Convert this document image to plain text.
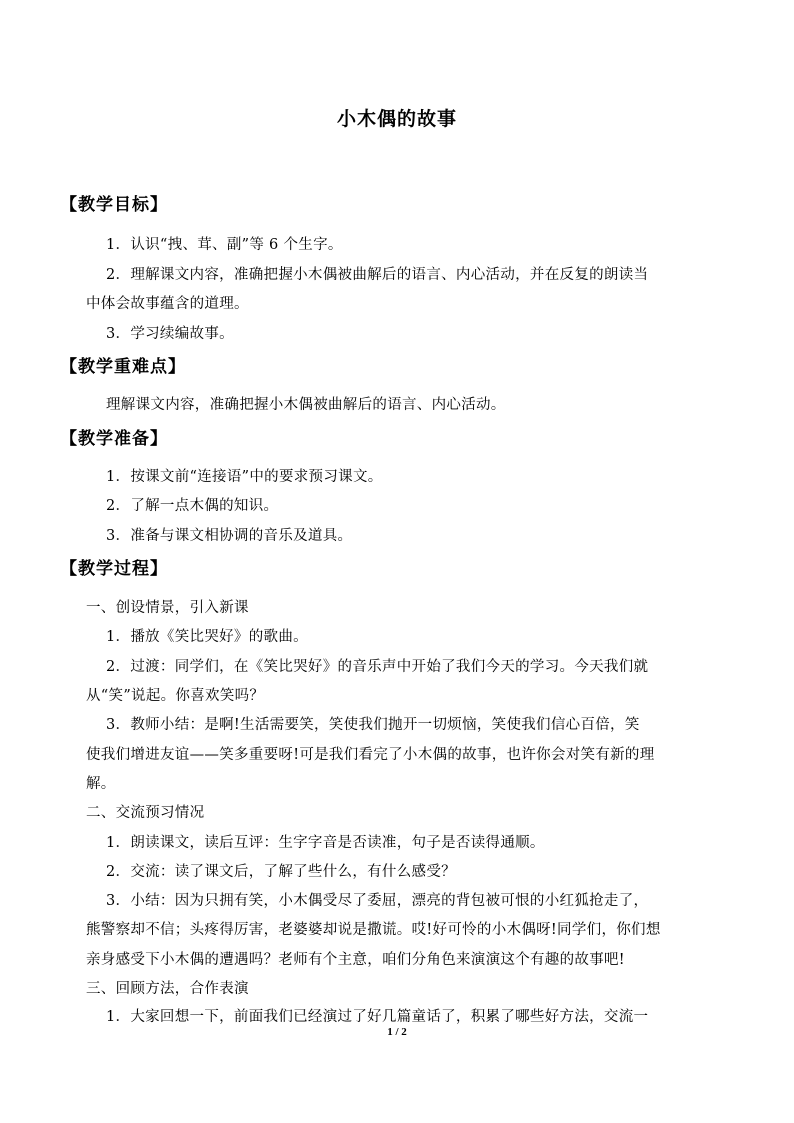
小木偶的故事
【教学目标】
1．认识“拽、茸、副”等 6 个生字。
2．理解课文内容，准确把握小木偶被曲解后的语言、内心活动，并在反复的朗读当
中体会故事蕴含的道理。
3．学习续编故事。
【教学重难点】
理解课文内容，准确把握小木偶被曲解后的语言、内心活动。
【教学准备】
1．按课文前“连接语”中的要求预习课文。
2．了解一点木偶的知识。
3．准备与课文相协调的音乐及道具。
【教学过程】
一、创设情景，引入新课
1．播放《笑比哭好》的歌曲。
2．过渡：同学们，在《笑比哭好》的音乐声中开始了我们今天的学习。今天我们就
从“笑”说起。你喜欢笑吗？
3．教师小结：是啊!生活需要笑，笑使我们抛开一切烦恼，笑使我们信心百倍，笑
使我们增进友谊——笑多重要呀!可是我们看完了小木偶的故事，也许你会对笑有新的理
解。
二、交流预习情况
1．朗读课文，读后互评：生字字音是否读准，句子是否读得通顺。
2．交流：读了课文后，了解了些什么，有什么感受？
3．小结：因为只拥有笑，小木偶受尽了委屈，漂亮的背包被可恨的小红狐抢走了，
熊警察却不信；头疼得厉害，老婆婆却说是撒谎。哎!好可怜的小木偶呀!同学们，你们想
亲身感受下小木偶的遭遇吗？老师有个主意，咱们分角色来演演这个有趣的故事吧!
三、回顾方法，合作表演
1．大家回想一下，前面我们已经演过了好几篇童话了，积累了哪些好方法，交流一
1 / 2
